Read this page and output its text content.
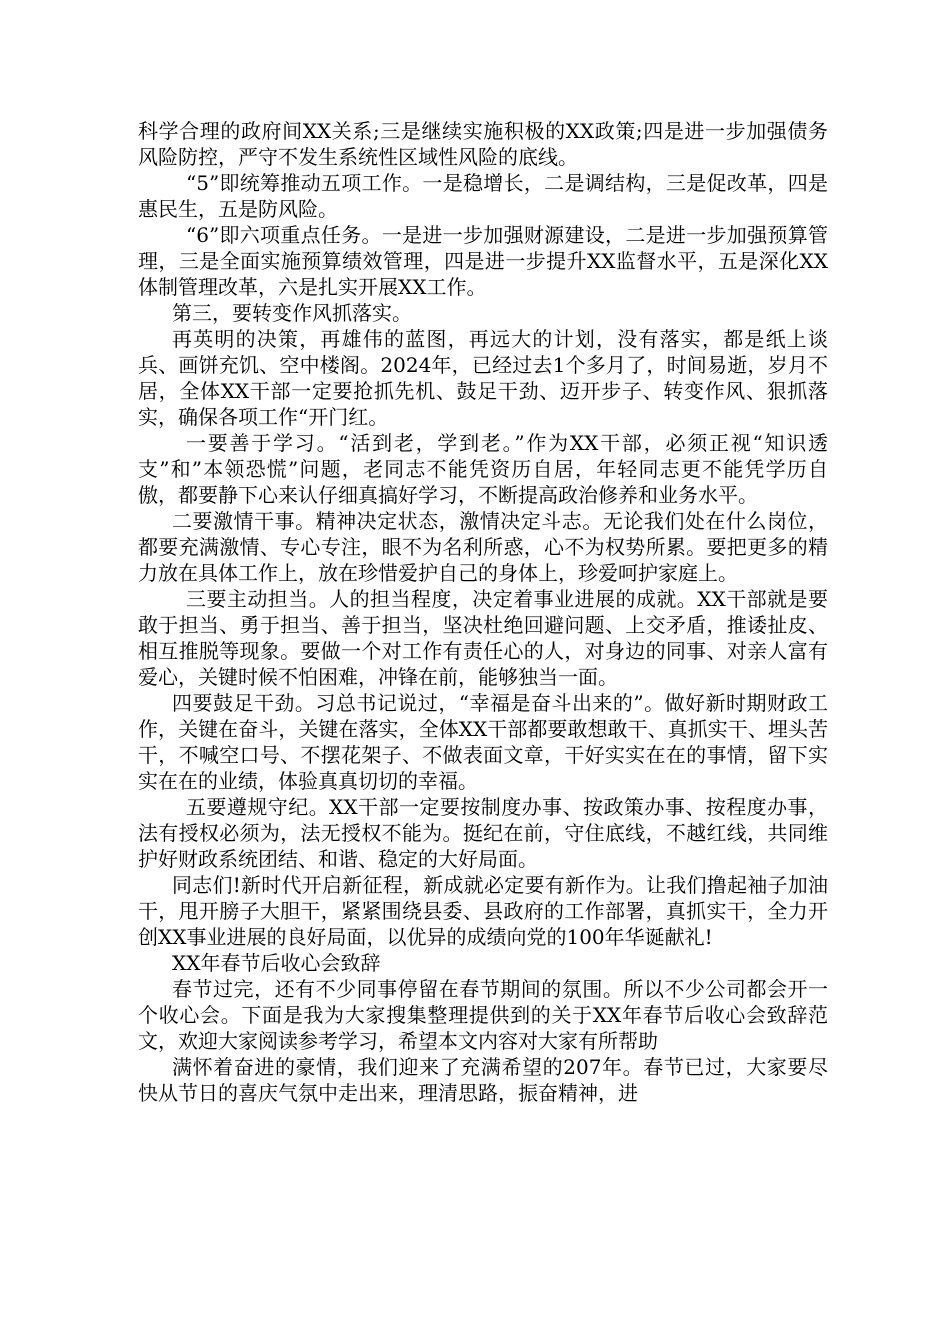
科学合理的政府间XX关系;三是继续实施积极的XX政策;四是进一步加强债务风险防控，严守不发生系统性区域性风险的底线。

“5”即统筹推动五项工作。一是稳增长，二是调结构，三是促改革，四是惠民生，五是防风险。

“6”即六项重点任务。一是进一步加强财源建设，二是进一步加强预算管理，三是全面实施预算绩效管理，四是进一步提升XX监督水平，五是深化XX体制管理改革，六是扎实开展XX工作。

第三，要转变作风抓落实。

再英明的决策，再雄伟的蓝图，再远大的计划，没有落实，都是纸上谈兵、画饼充饥、空中楼阁。2024年，已经过去1个多月了，时间易逝，岁月不居，全体XX干部一定要抢抓先机、鼓足干劲、迈开步子、转变作风、狠抓落实，确保各项工作“开门红。

一要善于学习。“活到老，学到老。”作为XX干部，必须正视“知识透支”和”本领恐慌”问题，老同志不能凭资历自居，年轻同志更不能凭学历自傲，都要静下心来认仔细真搞好学习，不断提高政治修养和业务水平。

二要激情干事。精神决定状态，激情决定斗志。无论我们处在什么岗位，都要充满激情、专心专注，眼不为名利所惑，心不为权势所累。要把更多的精力放在具体工作上，放在珍惜爱护自己的身体上，珍爱呵护家庭上。

三要主动担当。人的担当程度，决定着事业进展的成就。XX干部就是要敢于担当、勇于担当、善于担当，坚决杜绝回避问题、上交矛盾，推诿扯皮、相互推脱等现象。要做一个对工作有责任心的人，对身边的同事、对亲人富有爱心，关键时候不怕困难，冲锋在前，能够独当一面。

四要鼓足干劲。习总书记说过，“幸福是奋斗出来的”。做好新时期财政工作，关键在奋斗，关键在落实，全体XX干部都要敢想敢干、真抓实干、埋头苦干，不喊空口号、不摆花架子、不做表面文章，干好实实在在的事情，留下实实在在的业绩，体验真真切切的幸福。

五要遵规守纪。XX干部一定要按制度办事、按政策办事、按程度办事，法有授权必须为，法无授权不能为。挺纪在前，守住底线，不越红线，共同维护好财政系统团结、和谐、稳定的大好局面。

同志们!新时代开启新征程，新成就必定要有新作为。让我们撸起袖子加油干，甩开膀子大胆干，紧紧围绕县委、县政府的工作部署，真抓实干，全力开创XX事业进展的良好局面，以优异的成绩向党的100年华诞献礼!

XX年春节后收心会致辞

春节过完，还有不少同事停留在春节期间的氛围。所以不少公司都会开一个收心会。下面是我为大家搜集整理提供到的关于XX年春节后收心会致辞范文，欢迎大家阅读参考学习，希望本文内容对大家有所帮助

满怀着奋进的豪情，我们迎来了充满希望的207年。春节已过，大家要尽快从节日的喜庆气氛中走出来，理清思路，振奋精神，进
